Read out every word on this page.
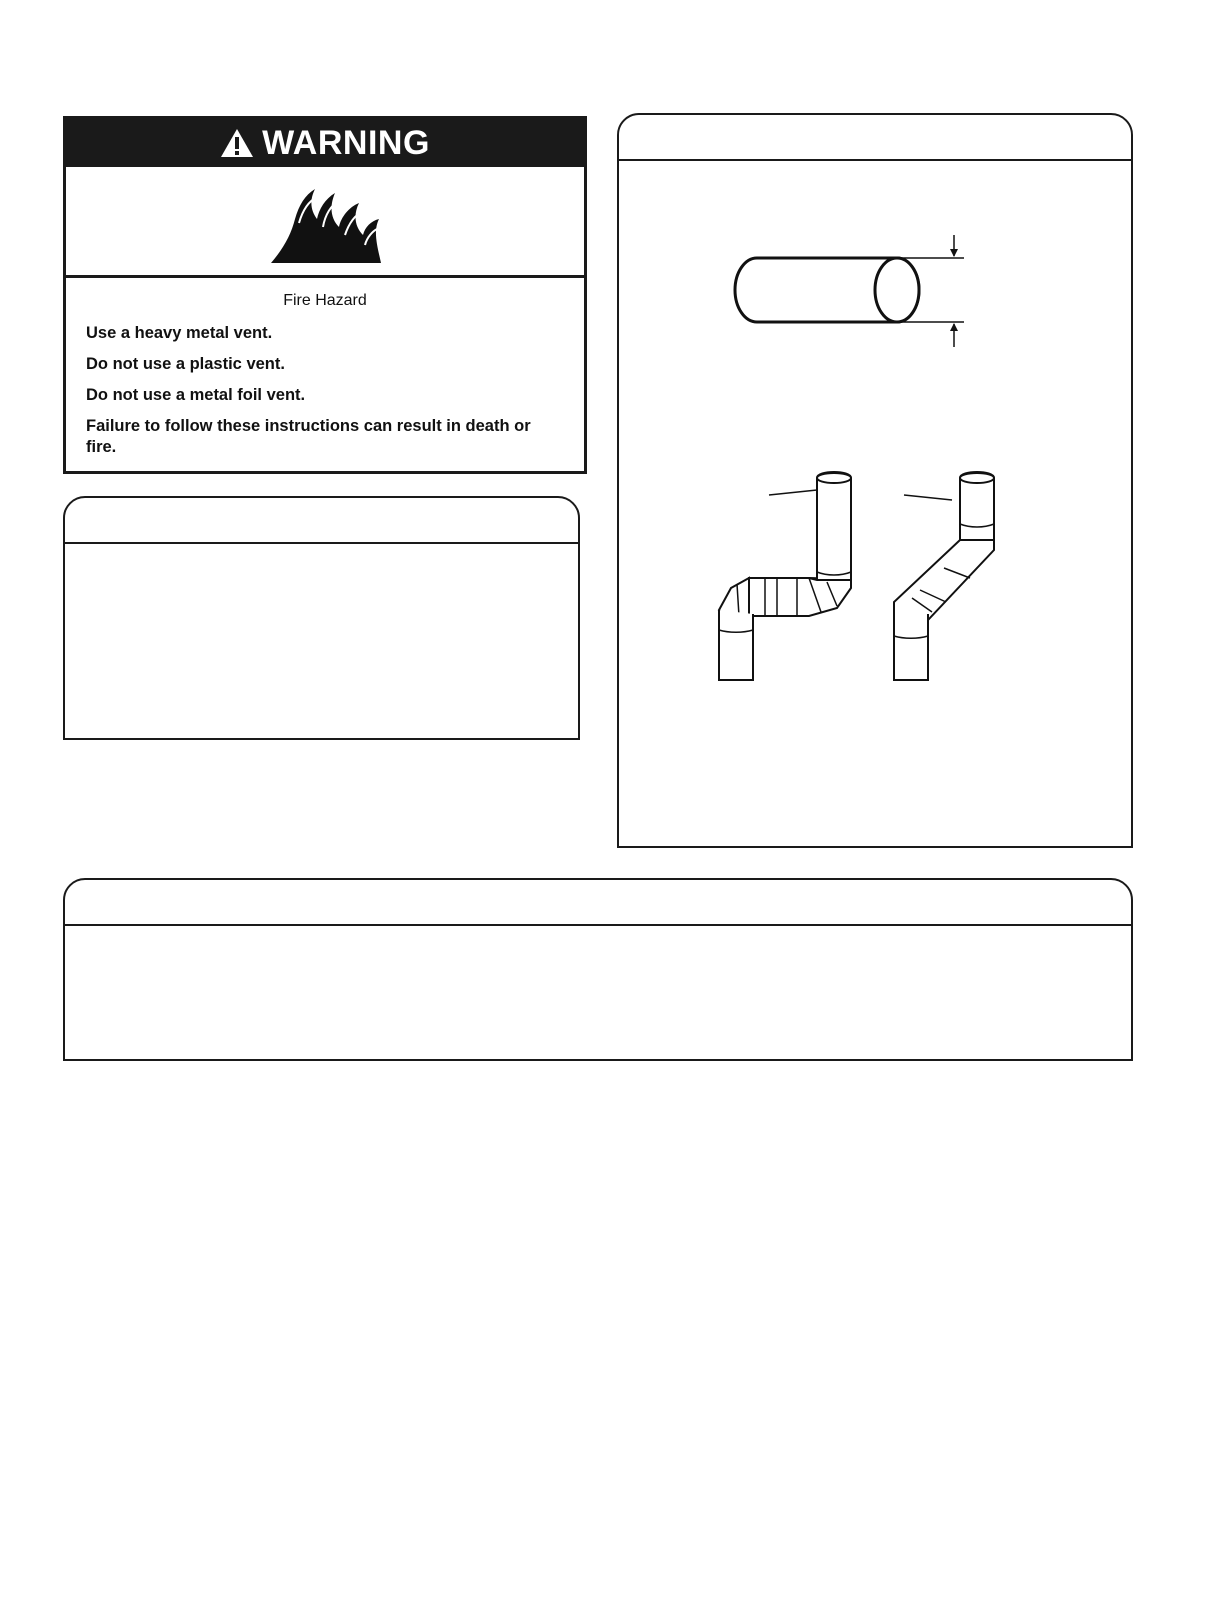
WARNING
Fire Hazard
Use a heavy metal vent.
Do not use a plastic vent.
Do not use a metal foil vent.
Failure to follow these instructions can result in death or fire.
